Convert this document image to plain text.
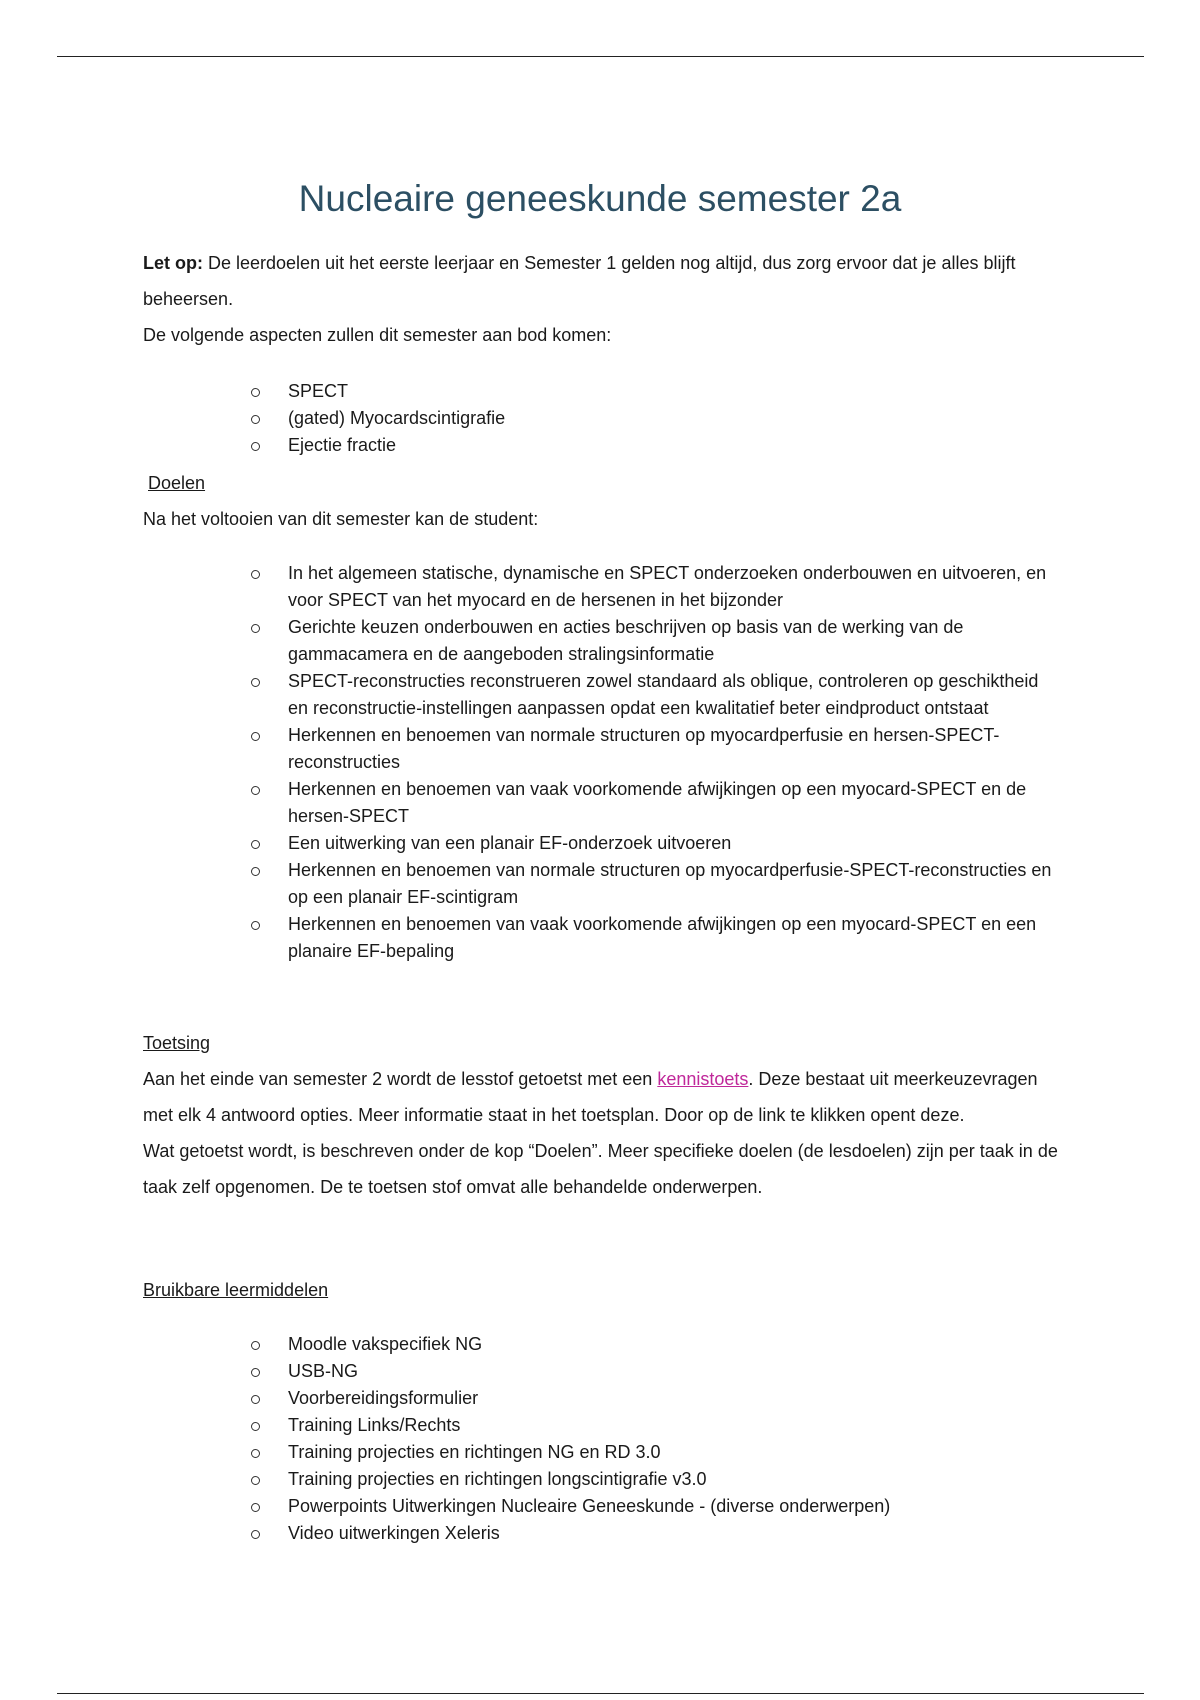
Nucleaire geneeskunde semester 2a

Let op: De leerdoelen uit het eerste leerjaar en Semester 1 gelden nog altijd, dus zorg ervoor dat je alles blijft beheersen.

De volgende aspecten zullen dit semester aan bod komen:

SPECT
(gated) Myocardscintigrafie
Ejectie fractie

Doelen

Na het voltooien van dit semester kan de student:

In het algemeen statische, dynamische en SPECT onderzoeken onderbouwen en uitvoeren, en voor SPECT van het myocard en de hersenen in het bijzonder
Gerichte keuzen onderbouwen en acties beschrijven op basis van de werking van de gammacamera en de aangeboden stralingsinformatie
SPECT-reconstructies reconstrueren zowel standaard als oblique, controleren op geschiktheid en reconstructie-instellingen aanpassen opdat een kwalitatief beter eindproduct ontstaat
Herkennen en benoemen van normale structuren op myocardperfusie en hersen-SPECT-reconstructies
Herkennen en benoemen van vaak voorkomende afwijkingen op een myocard-SPECT en de hersen-SPECT
Een uitwerking van een planair EF-onderzoek uitvoeren
Herkennen en benoemen van normale structuren op myocardperfusie-SPECT-reconstructies en op een planair EF-scintigram
Herkennen en benoemen van vaak voorkomende afwijkingen op een myocard-SPECT en een planaire EF-bepaling

Toetsing

Aan het einde van semester 2 wordt de lesstof getoetst met een kennistoets. Deze bestaat uit meerkeuzevragen met elk 4 antwoord opties. Meer informatie staat in het toetsplan. Door op de link te klikken opent deze.

Wat getoetst wordt, is beschreven onder de kop “Doelen”. Meer specifieke doelen (de lesdoelen) zijn per taak in de taak zelf opgenomen. De te toetsen stof omvat alle behandelde onderwerpen.

Bruikbare leermiddelen

Moodle vakspecifiek NG
USB-NG
Voorbereidingsformulier
Training Links/Rechts
Training projecties en richtingen NG en RD 3.0
Training projecties en richtingen longscintigrafie v3.0
Powerpoints Uitwerkingen Nucleaire Geneeskunde - (diverse onderwerpen)
Video uitwerkingen Xeleris
